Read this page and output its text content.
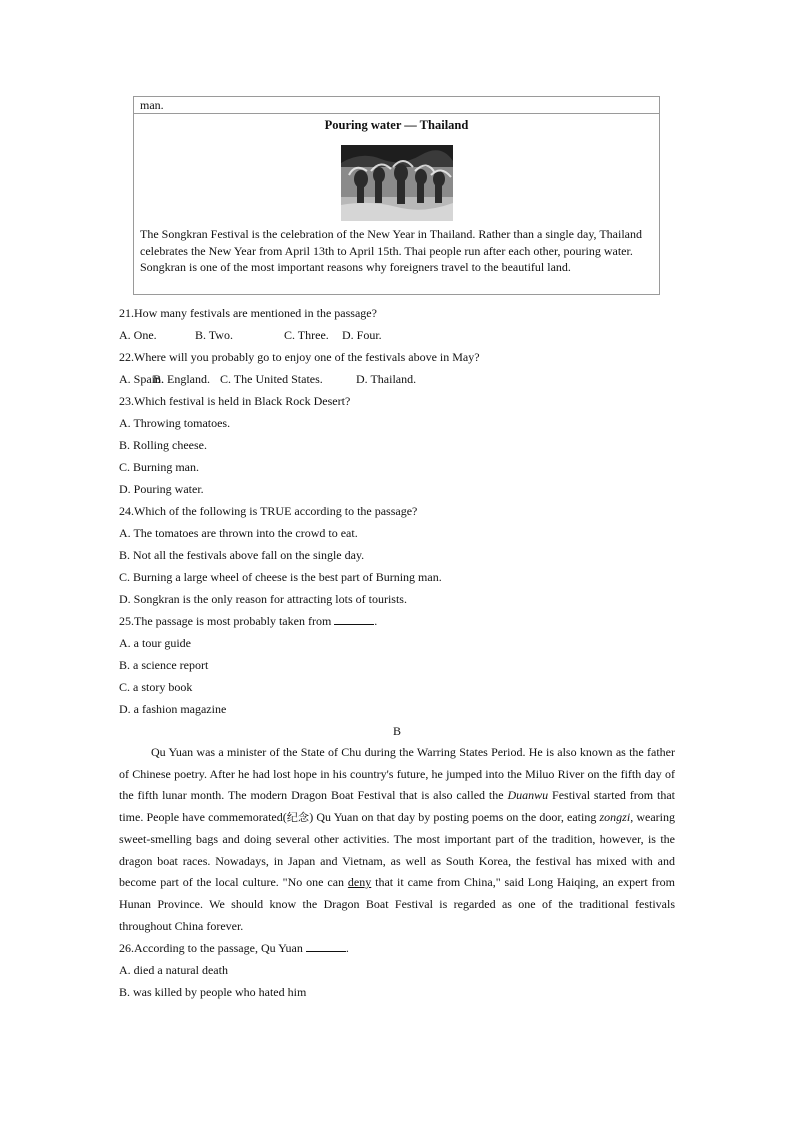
man.
Pouring water — Thailand
The Songkran Festival is the celebration of the New Year in Thailand. Rather than a single day, Thailand celebrates the New Year from April 13th to April 15th. Thai people run after each other, pouring water. Songkran is one of the most important reasons why foreigners travel to the beautiful land.
21.How many festivals are mentioned in the passage?
A. One.	B. Two.	C. Three. D. Four.
22.Where will you probably go to enjoy one of the festivals above in May?
A. Spain.B. England. C. The United States.	D. Thailand.
23.Which festival is held in Black Rock Desert?
A. Throwing tomatoes.
B. Rolling cheese.
C. Burning man.
D. Pouring water.
24.Which of the following is TRUE according to the passage?
A. The tomatoes are thrown into the crowd to eat.
B. Not all the festivals above fall on the single day.
C. Burning a large wheel of cheese is the best part of Burning man.
D. Songkran is the only reason for attracting lots of tourists.
25.The passage is most probably taken from	.
A. a tour guide
B. a science report
C. a story book
D. a fashion magazine
B

Qu Yuan was a minister of the State of Chu during the Warring States Period. He is also known as the father of Chinese poetry. After he had lost hope in his country's future, he jumped into the Miluo River on the fifth day of the fifth lunar month. The modern Dragon Boat Festival that is also called the Duanwu Festival started from that time. People have commemorated(纪念) Qu Yuan on that day by posting poems on the door, eating zongzi, wearing sweet-smelling bags and doing several other activities. The most important part of the tradition, however, is the dragon boat races. Nowadays, in Japan and Vietnam, as well as South Korea, the festival has mixed with and become part of the local culture. "No one can deny that it came from China," said Long Haiqing, an expert from Hunan Province. We should know the Dragon Boat Festival is regarded as one of the traditional festivals throughout China forever.

26.According to the passage, Qu Yuan	.
A. died a natural death
B. was killed by people who hated him
